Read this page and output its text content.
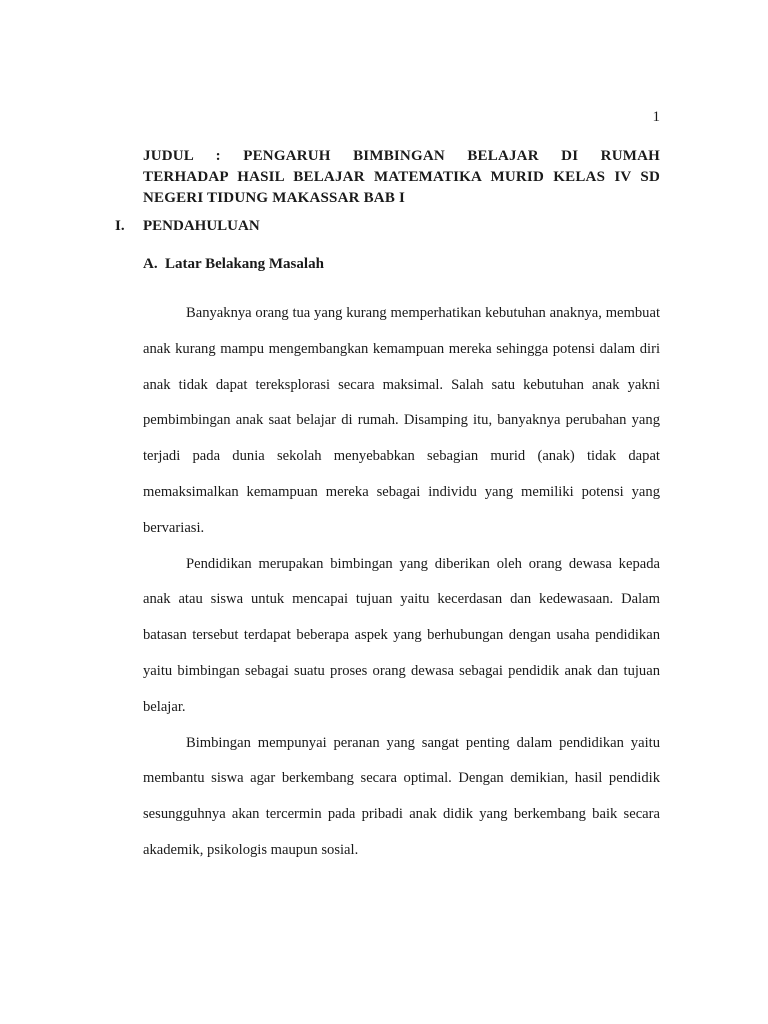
1
JUDUL : PENGARUH BIMBINGAN BELAJAR DI RUMAH
TERHADAP HASIL BELAJAR MATEMATIKA MURID KELAS IV SD
NEGERI TIDUNG MAKASSAR BAB I
I. PENDAHULUAN
A. Latar Belakang Masalah

Banyaknya orang tua yang kurang memperhatikan kebutuhan anaknya, membuat anak kurang mampu mengembangkan kemampuan mereka sehingga potensi dalam diri anak tidak dapat tereksplorasi secara maksimal. Salah satu kebutuhan anak yakni pembimbingan anak saat belajar di rumah. Disamping itu, banyaknya perubahan yang terjadi pada dunia sekolah menyebabkan sebagian murid (anak) tidak dapat memaksimalkan kemampuan mereka sebagai individu yang memiliki potensi yang bervariasi.

Pendidikan merupakan bimbingan yang diberikan oleh orang dewasa kepada anak atau siswa untuk mencapai tujuan yaitu kecerdasan dan kedewasaan. Dalam batasan tersebut terdapat beberapa aspek yang berhubungan dengan usaha pendidikan yaitu bimbingan sebagai suatu proses orang dewasa sebagai pendidik anak dan tujuan belajar.

Bimbingan mempunyai peranan yang sangat penting dalam pendidikan yaitu membantu siswa agar berkembang secara optimal. Dengan demikian, hasil pendidik sesungguhnya akan tercermin pada pribadi anak didik yang berkembang baik secara akademik, psikologis maupun sosial.
